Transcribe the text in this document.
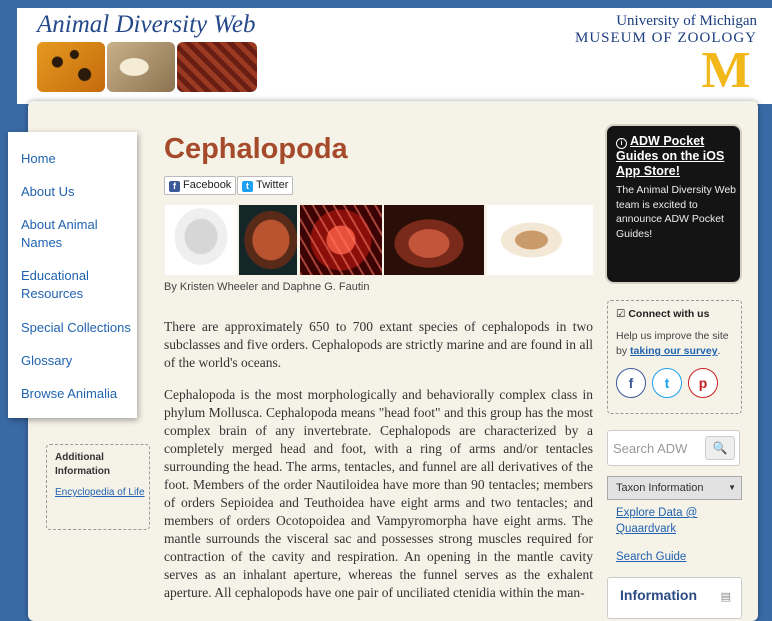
Animal Diversity Web	University of Michigan
MUSEUM OF ZOOLOGY
M
Home
About Us
About Animal Names
Educational Resources
Special Collections
Glossary
Browse Animalia
Additional Information
Encyclopedia of Life
Cephalopoda
f Facebook	t Twitter
By Kristen Wheeler and Daphne G. Fautin

There are approximately 650 to 700 extant species of cephalopods in two subclasses and five orders. Cephalopods are strictly marine and are found in all of the world's oceans.

Cephalopoda is the most morphologically and behaviorally complex class in phylum Mollusca. Cephalopoda means "head foot" and this group has the most complex brain of any invertebrate. Cephalopods are characterized by a completely merged head and foot, with a ring of arms and/or tentacles surrounding the head. The arms, tentacles, and funnel are all derivatives of the foot. Members of the order Nautiloidea have more than 90 tentacles; members of orders Sepioidea and Teuthoidea have eight arms and two tentacles; and members of orders Ocotopoidea and Vampyromorpha have eight arms. The mantle surrounds the visceral sac and possesses strong muscles required for contraction of the cavity and respiration. An opening in the mantle cavity serves as an inhalant aperture, whereas the funnel serves as the exhalent aperture. All cephalopods have one pair of unciliated ctenidia within the man-

i ADW Pocket Guides on the iOS App Store!
The Animal Diversity Web team is excited to announce ADW Pocket Guides!
Read more...
☑ Connect with us
Help us improve the site by taking our survey.
f	t	p
Search ADW
🔍
Taxon Information	▼
Explore Data @ Quaardvark
Search Guide
Information ▤
